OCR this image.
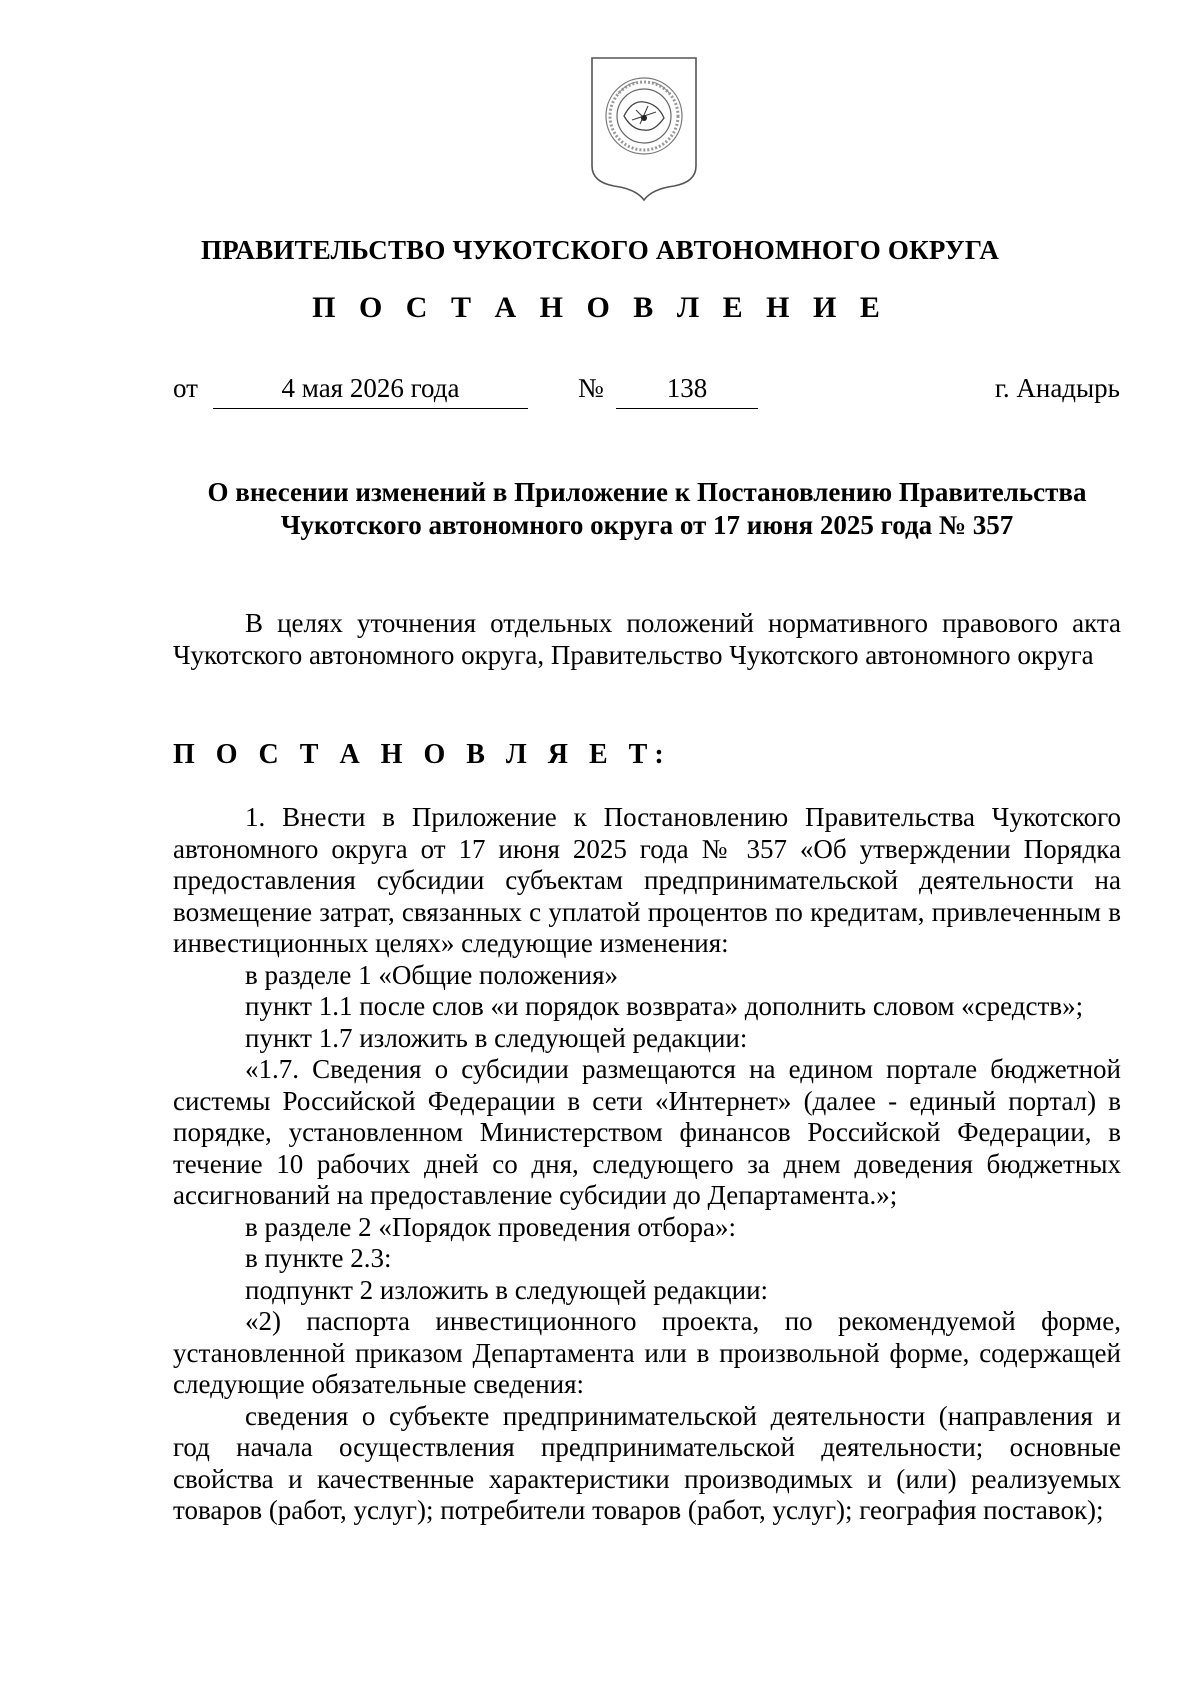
ПРАВИТЕЛЬСТВО ЧУКОТСКОГО АВТОНОМНОГО ОКРУГА
П О С Т А Н О В Л Е Н И Е
от	4 мая 2026 года	№	138	г. Анадырь
О внесении изменений в Приложение к Постановлению Правительства
Чукотского автономного округа от 17 июня 2025 года № 357

В целях уточнения отдельных положений нормативного правового акта Чукотского автономного округа, Правительство Чукотского автономного округа

П О С Т А Н О В Л Я Е Т:

1. Внести в Приложение к Постановлению Правительства Чукотского автономного округа от 17 июня 2025 года № 357 «Об утверждении Порядка предоставления субсидии субъектам предпринимательской деятельности на возмещение затрат, связанных с уплатой процентов по кредитам, привлеченным в инвестиционных целях» следующие изменения:

в разделе 1 «Общие положения»

пункт 1.1 после слов «и порядок возврата» дополнить словом «средств»;

пункт 1.7 изложить в следующей редакции:

«1.7. Сведения о субсидии размещаются на едином портале бюджетной системы Российской Федерации в сети «Интернет» (далее - единый портал) в порядке, установленном Министерством финансов Российской Федерации, в течение 10 рабочих дней со дня, следующего за днем доведения бюджетных ассигнований на предоставление субсидии до Департамента.»;

в разделе 2 «Порядок проведения отбора»:

в пункте 2.3:

подпункт 2 изложить в следующей редакции:

«2) паспорта инвестиционного проекта, по рекомендуемой форме, установленной приказом Департамента или в произвольной форме, содержащей следующие обязательные сведения:

сведения о субъекте предпринимательской деятельности (направления и год начала осуществления предпринимательской деятельности; основные свойства и качественные характеристики производимых и (или) реализуемых товаров (работ, услуг); потребители товаров (работ, услуг); география поставок);
